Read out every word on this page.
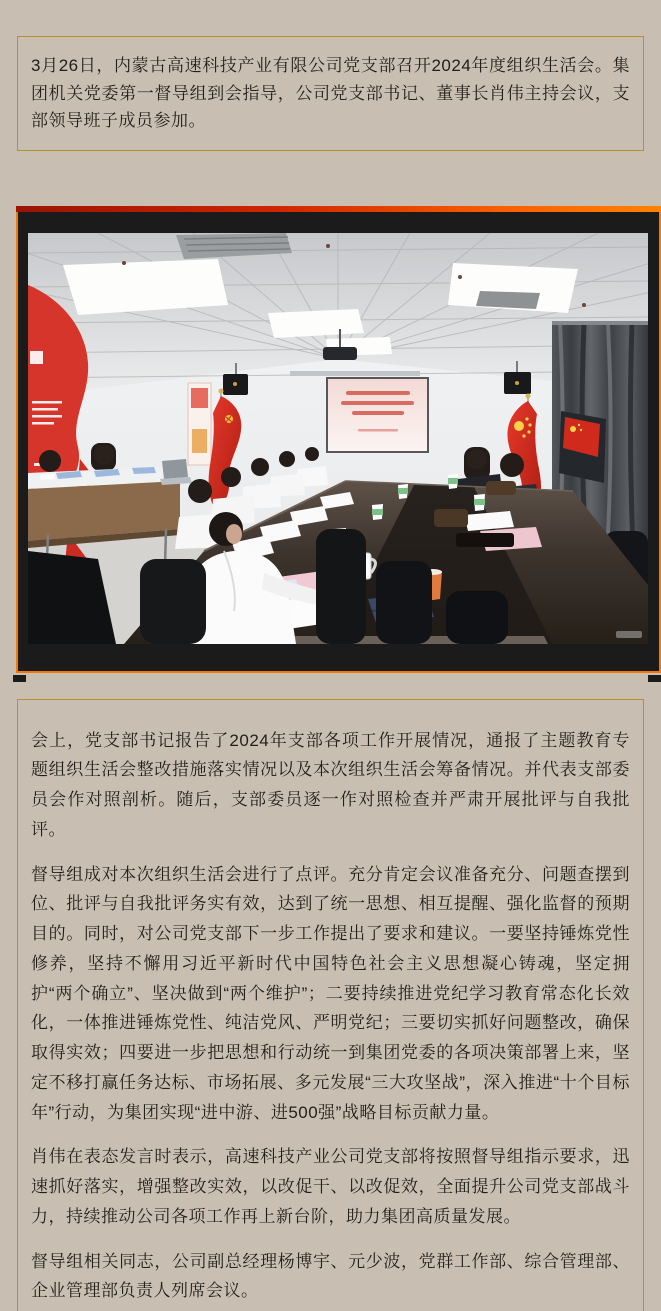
3月26日，内蒙古高速科技产业有限公司党支部召开2024年度组织生活会。集团机关党委第一督导组到会指导，公司党支部书记、董事长肖伟主持会议，支部领导班子成员参加。

会上，党支部书记报告了2024年支部各项工作开展情况，通报了主题教育专题组织生活会整改措施落实情况以及本次组织生活会筹备情况。并代表支部委员会作对照剖析。随后，支部委员逐一作对照检查并严肃开展批评与自我批评。

督导组成对本次组织生活会进行了点评。充分肯定会议准备充分、问题查摆到位、批评与自我批评务实有效，达到了统一思想、相互提醒、强化监督的预期目的。同时，对公司党支部下一步工作提出了要求和建议。一要坚持锤炼党性修养，坚持不懈用习近平新时代中国特色社会主义思想凝心铸魂，坚定拥护“两个确立”、坚决做到“两个维护”；二要持续推进党纪学习教育常态化长效化，一体推进锤炼党性、纯洁党风、严明党纪；三要切实抓好问题整改，确保取得实效；四要进一步把思想和行动统一到集团党委的各项决策部署上来，坚定不移打赢任务达标、市场拓展、多元发展“三大攻坚战”，深入推进“十个目标年”行动，为集团实现“进中游、进500强”战略目标贡献力量。

肖伟在表态发言时表示，高速科技产业公司党支部将按照督导组指示要求，迅速抓好落实，增强整改实效，以改促干、以改促效，全面提升公司党支部战斗力，持续推动公司各项工作再上新台阶，助力集团高质量发展。

督导组相关同志，公司副总经理杨博宇、元少波，党群工作部、综合管理部、企业管理部负责人列席会议。
